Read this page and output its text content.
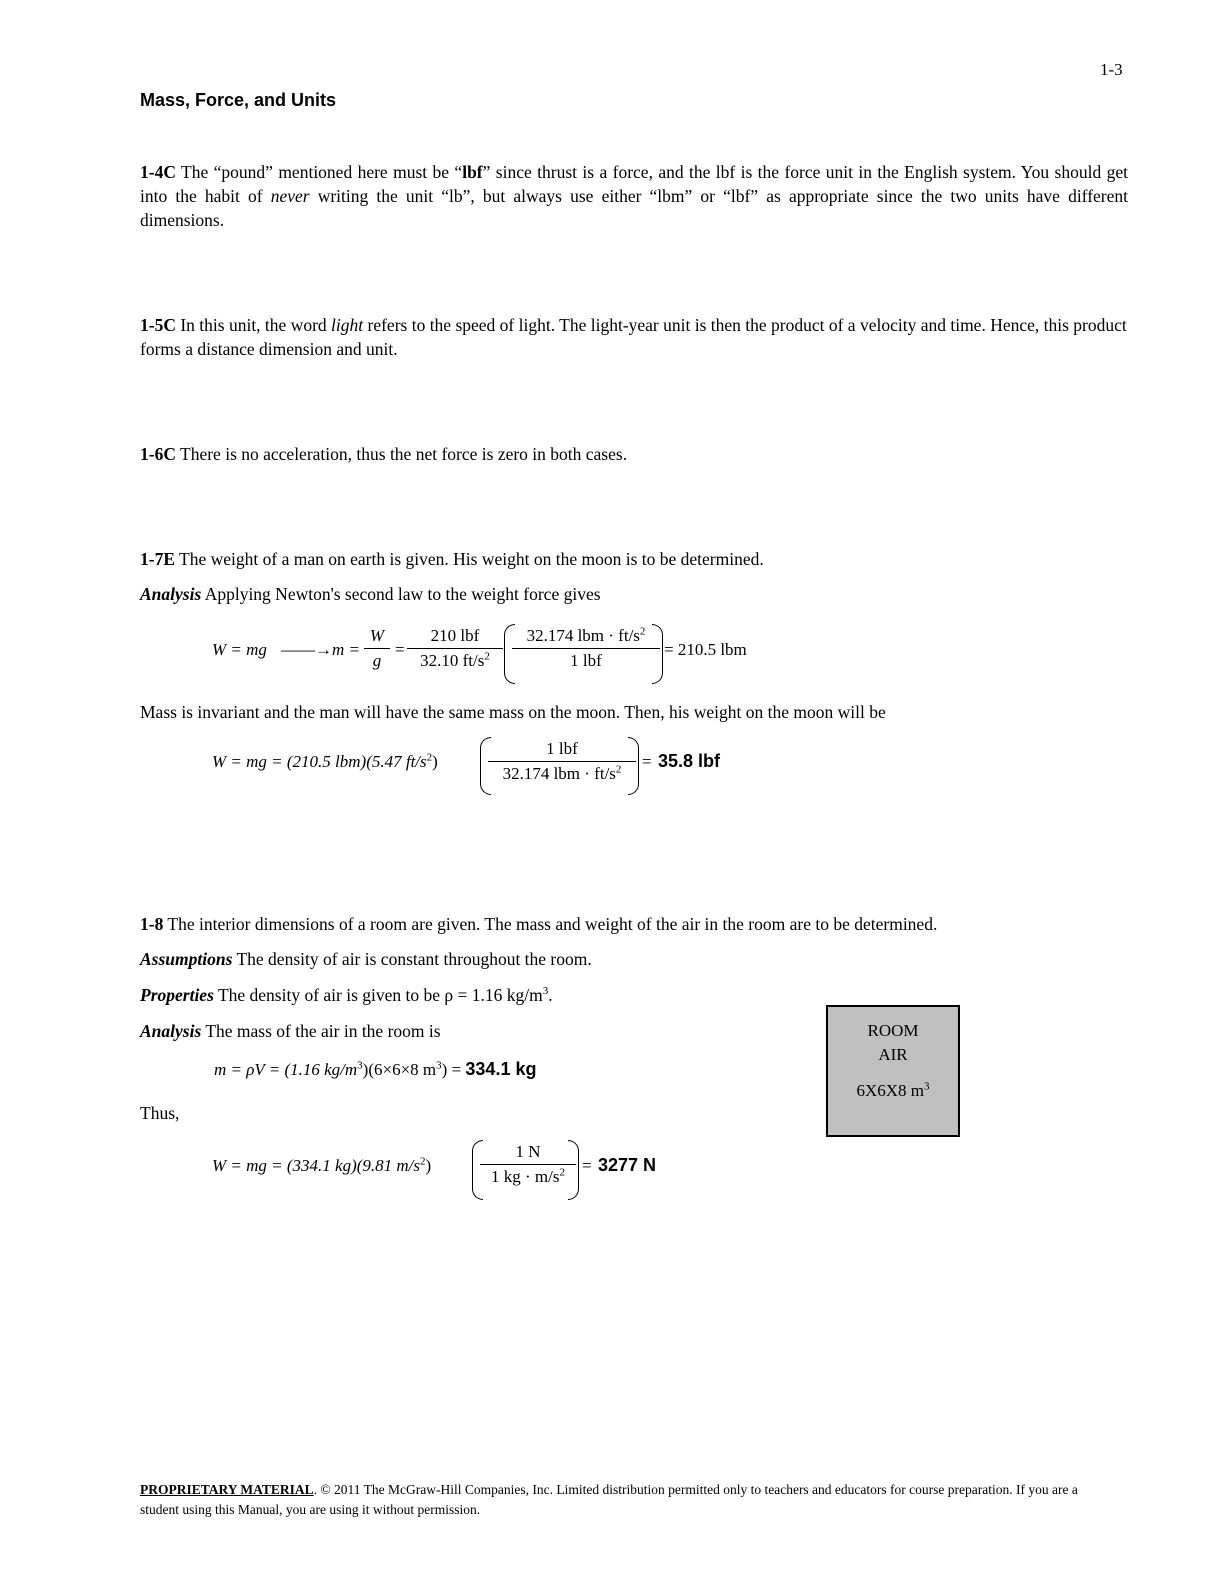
1-3
Mass, Force, and Units
1-4C The “pound” mentioned here must be “lbf” since thrust is a force, and the lbf is the force unit in the English system. You should get into the habit of never writing the unit “lb”, but always use either “lbm” or “lbf” as appropriate since the two units have different dimensions.
1-5C In this unit, the word light refers to the speed of light. The light-year unit is then the product of a velocity and time. Hence, this product forms a distance dimension and unit.
1-6C There is no acceleration, thus the net force is zero in both cases.
1-7E The weight of a man on earth is given. His weight on the moon is to be determined.
Analysis Applying Newton's second law to the weight force gives
W = mg ——→ m =
W
g
=
210 lbf
32.10 $ft/s^2$
32.174 lbm · $ft/s^2$
1 lbf
= 210.5 lbm
Mass is invariant and the man will have the same mass on the moon. Then, his weight on the moon will be
W = mg = (210.5 lbm)(5.47 $ft/s^2$)
1 lbf
32.174 lbm · $ft/s^2$	= 35.8 lbf
1-8 The interior dimensions of a room are given. The mass and weight of the air in the room are to be determined.
Assumptions The density of air is constant throughout the room.
Properties The density of air is given to be ρ = 1.16 $kg/m^3$.
Analysis The mass of the air in the room is
m = ρV = (1.16 $kg/m^3)(6\times 6\times 8$ $m^3) = 334.1$ kg
Thus,
W = mg = (334.1 kg)(9.81 $m/s^2$)
1 N
1 kg · $m/s^2$	= 3277 N
ROOM
AIR
6X6X8 $m^3$
PROPRIETARY MATERIAL. © 2011 The McGraw-Hill Companies, Inc. Limited distribution permitted only to teachers and educators for course preparation. If you are a student using this Manual, you are using it without permission.
